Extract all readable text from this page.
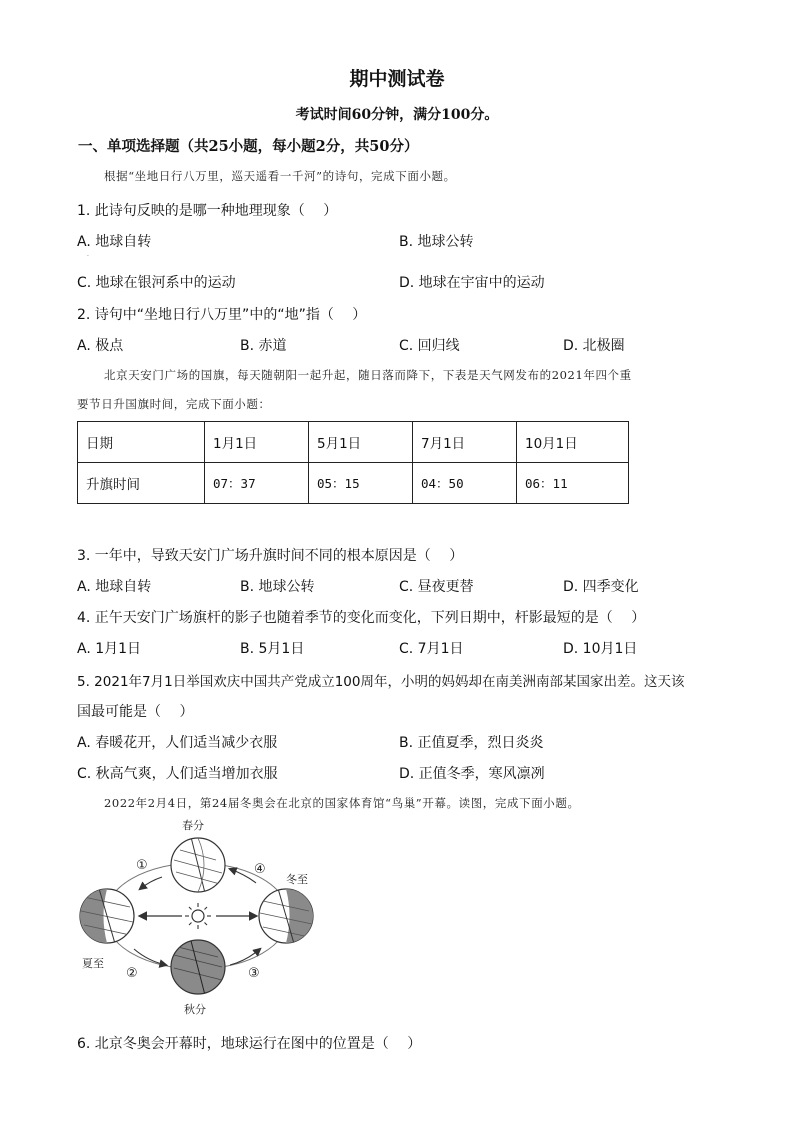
期中测试卷
考试时间60分钟，满分100分。
一、单项选择题（共25小题，每小题2分，共50分）
根据“坐地日行八万里，巡天遥看一千河”的诗句，完成下面小题。
1. 此诗句反映的是哪一种地理现象（　 ）
A. 地球自转	B. 地球公转
·
C. 地球在银河系中的运动	D. 地球在宇宙中的运动
2. 诗句中“坐地日行八万里”中的“地”指（　 ）
A. 极点	B. 赤道	C. 回归线	D. 北极圈
北京天安门广场的国旗，每天随朝阳一起升起，随日落而降下，下表是天气网发布的2021年四个重
要节日升国旗时间，完成下面小题：
日期	1月1日	5月1日	7月1日	10月1日
升旗时间	07：37	05：15	04：50	06：11
3. 一年中，导致天安门广场升旗时间不同的根本原因是（　 ）
A. 地球自转	B. 地球公转	C. 昼夜更替	D. 四季变化
4. 正午天安门广场旗杆的影子也随着季节的变化而变化，下列日期中，杆影最短的是（　 ）
A. 1月1日	B. 5月1日	C. 7月1日	D. 10月1日
5. 2021年7月1日举国欢庆中国共产党成立100周年，小明的妈妈却在南美洲南部某国家出差。这天该
国最可能是（　 ）
A. 春暖花开，人们适当减少衣服	B. 正值夏季，烈日炎炎
C. 秋高气爽，人们适当增加衣服	D. 正值冬季，寒风凛冽
2022年2月4日，第24届冬奥会在北京的国家体育馆“鸟巢”开幕。读图，完成下面小题。
春分
夏至
秋分
冬至
①
②	③
④
6. 北京冬奥会开幕时，地球运行在图中的位置是（　 ）
